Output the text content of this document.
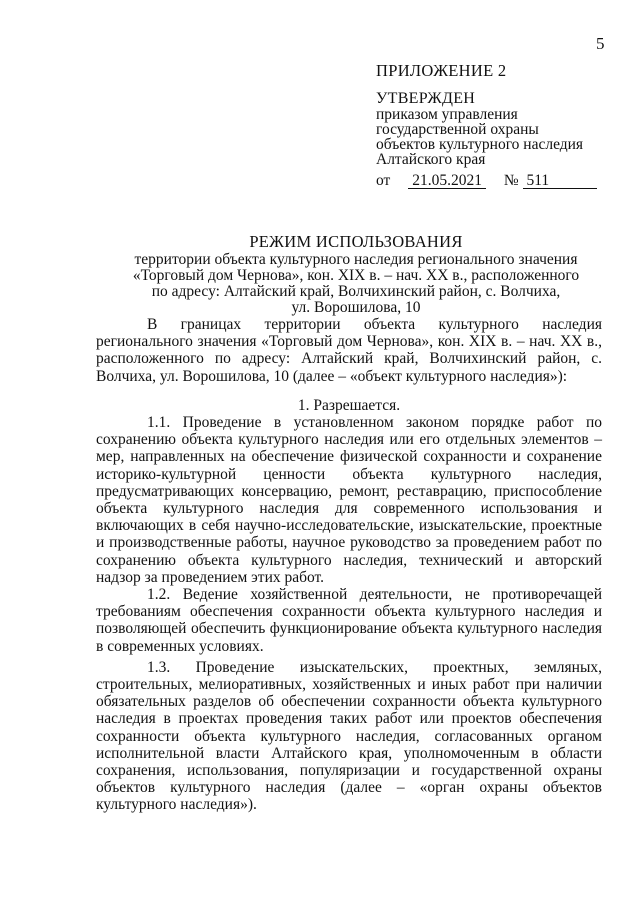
5
ПРИЛОЖЕНИЕ 2
УТВЕРЖДЕН
приказом управления
государственной охраны
объектов культурного наследия
Алтайского края
от 21.05.2021 № 511
РЕЖИМ ИСПОЛЬЗОВАНИЯ
территории объекта культурного наследия регионального значения
«Торговый дом Чернова», кон. XIX в. – нач. XX в., расположенного
по адресу: Алтайский край, Волчихинский район, с. Волчиха,
ул. Ворошилова, 10

В границах территории объекта культурного наследия регионального значения «Торговый дом Чернова», кон. XIX в. – нач. XX в., расположенного по адресу: Алтайский край, Волчихинский район, с. Волчиха, ул. Ворошилова, 10 (далее – «объект культурного наследия»):

1. Разрешается.

1.1. Проведение в установленном законом порядке работ по сохранению объекта культурного наследия или его отдельных элементов – мер, направленных на обеспечение физической сохранности и сохранение историко-культурной ценности объекта культурного наследия, предусматривающих консервацию, ремонт, реставрацию, приспособление объекта культурного наследия для современного использования и включающих в себя научно-исследовательские, изыскательские, проектные и производственные работы, научное руководство за проведением работ по сохранению объекта культурного наследия, технический и авторский надзор за проведением этих работ.

1.2. Ведение хозяйственной деятельности, не противоречащей требованиям обеспечения сохранности объекта культурного наследия и позволяющей обеспечить функционирование объекта культурного наследия в современных условиях.

1.3. Проведение изыскательских, проектных, земляных, строительных, мелиоративных, хозяйственных и иных работ при наличии обязательных разделов об обеспечении сохранности объекта культурного наследия в проектах проведения таких работ или проектов обеспечения сохранности объекта культурного наследия, согласованных органом исполнительной власти Алтайского края, уполномоченным в области сохранения, использования, популяризации и государственной охраны объектов культурного наследия (далее – «орган охраны объектов культурного наследия»).
